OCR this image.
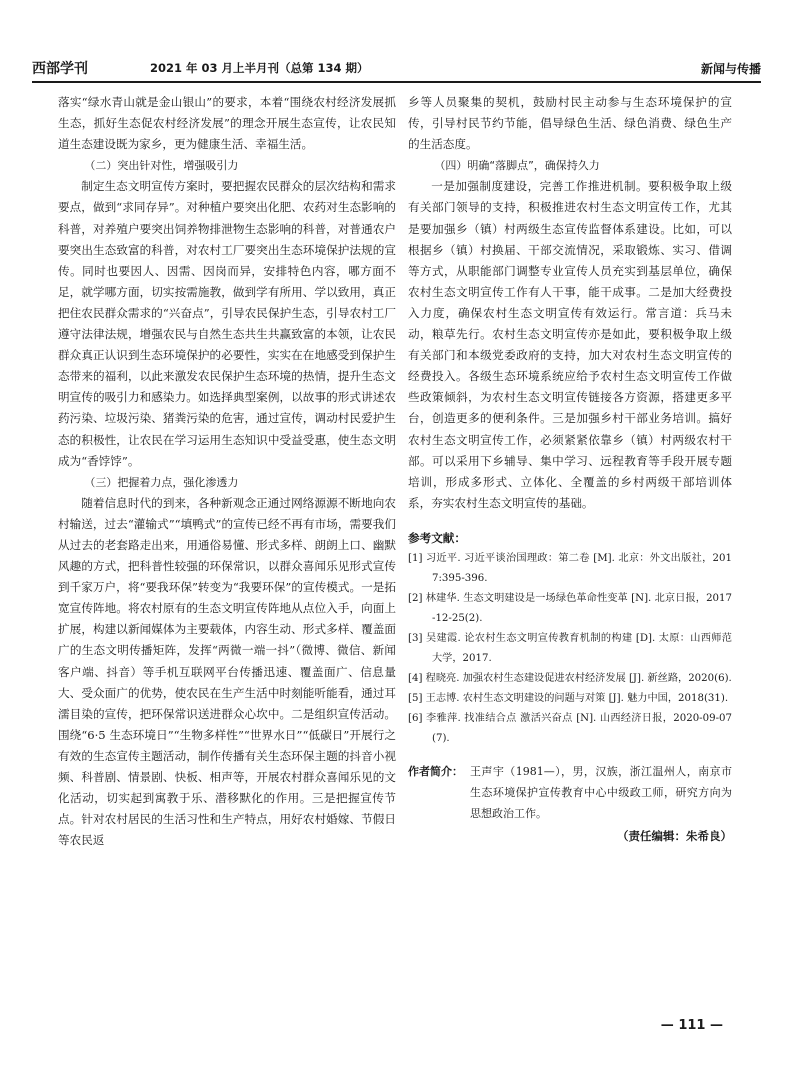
西部学刊	2021 年 03 月上半月刊（总第 134 期）	新闻与传播

落实“绿水青山就是金山银山”的要求，本着“围绕农村经济发展抓生态，抓好生态促农村经济发展”的理念开展生态宣传，让农民知道生态建设既为家乡，更为健康生活、幸福生活。

（二）突出针对性，增强吸引力

制定生态文明宣传方案时，要把握农民群众的层次结构和需求要点，做到“求同存异”。对种植户要突出化肥、农药对生态影响的科普，对养殖户要突出饲养物排泄物生态影响的科普，对普通农户要突出生态致富的科普，对农村工厂要突出生态环境保护法规的宣传。同时也要因人、因需、因岗而异，安排特色内容，哪方面不足，就学哪方面，切实按需施教，做到学有所用、学以致用，真正把住农民群众需求的“兴奋点”，引导农民保护生态，引导农村工厂遵守法律法规，增强农民与自然生态共生共赢致富的本领，让农民群众真正认识到生态环境保护的必要性，实实在在地感受到保护生态带来的福利，以此来激发农民保护生态环境的热情，提升生态文明宣传的吸引力和感染力。如选择典型案例，以故事的形式讲述农药污染、垃圾污染、猪粪污染的危害，通过宣传，调动村民爱护生态的积极性，让农民在学习运用生态知识中受益受惠，使生态文明成为“香饽饽”。

（三）把握着力点，强化渗透力

随着信息时代的到来，各种新观念正通过网络源源不断地向农村输送，过去“灌输式”“填鸭式”的宣传已经不再有市场，需要我们从过去的老套路走出来，用通俗易懂、形式多样、朗朗上口、幽默风趣的方式，把科普性较强的环保常识，以群众喜闻乐见形式宣传到千家万户，将“要我环保”转变为“我要环保”的宣传模式。一是拓宽宣传阵地。将农村原有的生态文明宣传阵地从点位入手，向面上扩展，构建以新闻媒体为主要载体，内容生动、形式多样、覆盖面广的生态文明传播矩阵，发挥“两微一端一抖”（微博、微信、新闻客户端、抖音）等手机互联网平台传播迅速、覆盖面广、信息量大、受众面广的优势，使农民在生产生活中时刻能听能看，通过耳濡目染的宣传，把环保常识送进群众心坎中。二是组织宣传活动。围绕“6·5 生态环境日”“生物多样性”“世界水日”“低碳日”开展行之有效的生态宣传主题活动，制作传播有关生态环保主题的抖音小视频、科普剧、情景剧、快板、相声等，开展农村群众喜闻乐见的文化活动，切实起到寓教于乐、潜移默化的作用。三是把握宣传节点。针对农村居民的生活习性和生产特点，用好农村婚嫁、节假日等农民返

乡等人员聚集的契机，鼓励村民主动参与生态环境保护的宣传，引导村民节约节能，倡导绿色生活、绿色消费、绿色生产的生活态度。

（四）明确“落脚点”，确保持久力

一是加强制度建设，完善工作推进机制。要积极争取上级有关部门领导的支持，积极推进农村生态文明宣传工作，尤其是要加强乡（镇）村两级生态宣传监督体系建设。比如，可以根据乡（镇）村换届、干部交流情况，采取锻炼、实习、借调等方式，从职能部门调整专业宣传人员充实到基层单位，确保农村生态文明宣传工作有人干事，能干成事。二是加大经费投入力度，确保农村生态文明宣传有效运行。常言道：兵马未动，粮草先行。农村生态文明宣传亦是如此，要积极争取上级有关部门和本级党委政府的支持，加大对农村生态文明宣传的经费投入。各级生态环境系统应给予农村生态文明宣传工作做些政策倾斜，为农村生态文明宣传链接各方资源，搭建更多平台，创造更多的便利条件。三是加强乡村干部业务培训。搞好农村生态文明宣传工作，必须紧紧依靠乡（镇）村两级农村干部。可以采用下乡辅导、集中学习、远程教育等手段开展专题培训，形成多形式、立体化、全覆盖的乡村两级干部培训体系，夯实农村生态文明宣传的基础。

参考文献：
[1] 习近平. 习近平谈治国理政：第二卷 [M]. 北京：外文出版社，2017:395-396.
[2] 林建华. 生态文明建设是一场绿色革命性变革 [N]. 北京日报，2017-12-25(2).
[3] 吴建霞. 论农村生态文明宣传教育机制的构建 [D]. 太原：山西师范大学，2017.
[4] 程晓亮. 加强农村生态建设促进农村经济发展 [J]. 新丝路，2020(6).
[5] 王志博. 农村生态文明建设的问题与对策 [J]. 魅力中国，2018(31).
[6] 李雅萍. 找准结合点 激活兴奋点 [N]. 山西经济日报，2020-09-07(7).
作者简介： 王声宇（1981—），男，汉族，浙江温州人，南京市生态环境保护宣传教育中心中级政工师，研究方向为思想政治工作。
（责任编辑：朱希良）
— 111 —
